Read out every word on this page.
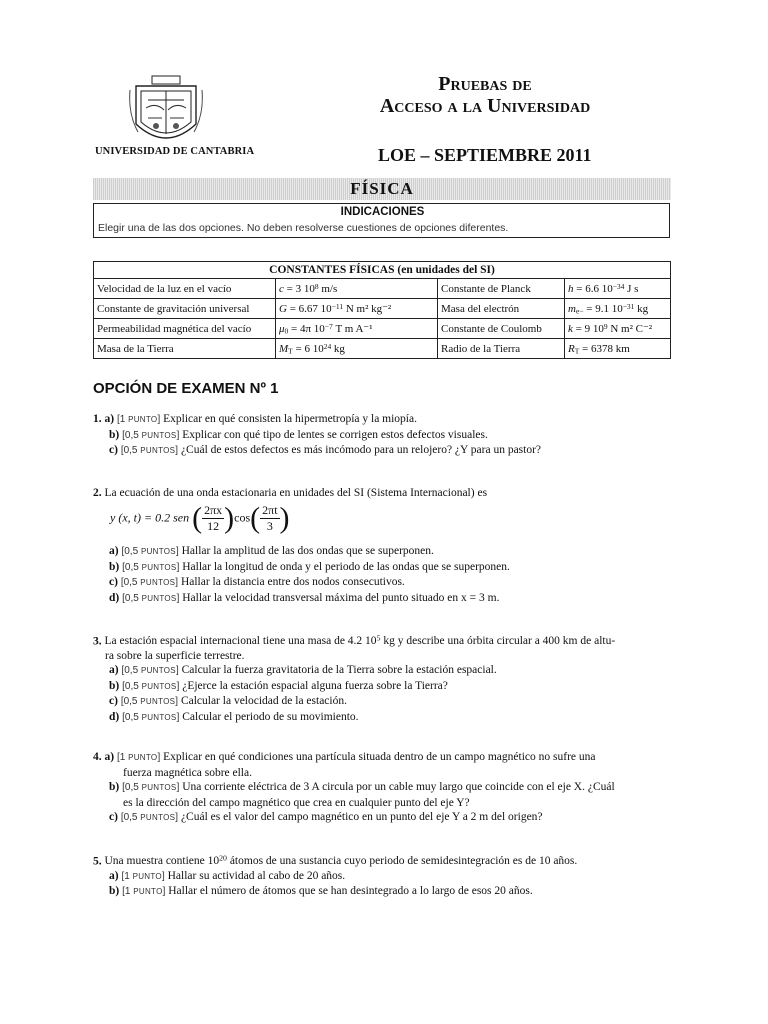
UNIVERSIDAD DE CANTABRIA
Pruebas de
Acceso a la Universidad
LOE – SEPTIEMBRE 2011
FÍSICA
INDICACIONES
Elegir una de las dos opciones. No deben resolverse cuestiones de opciones diferentes.
CONSTANTES FÍSICAS (en unidades del SI)			
Velocidad de la luz en el vacío	c = 3 $10^8$ m/s	Constante de Planck	h = 6.6 $10^{-34}$ J s
Constante de gravitación universal	G = 6.67 $10^{-11}$ N m² kg⁻²	Masa del electrón	$m_{e-} = 9.1$ $10^{-31}$ kg
Permeabilidad magnética del vacío	$\mu_0 = 4\pi$ $10^{-7}$ T m A⁻¹	Constante de Coulomb	k = 9 $10^9$ N m² C⁻²
Masa de la Tierra	$M_T = 6$ $10^{24}$ kg	Radio de la Tierra	$R_T = 6378$ km
OPCIÓN DE EXAMEN Nº 1
1. a) [1 PUNTO] Explicar en qué consisten la hipermetropía y la miopía.
b) [0,5 PUNTOS] Explicar con qué tipo de lentes se corrigen estos defectos visuales.
c) [0,5 PUNTOS] ¿Cuál de estos defectos es más incómodo para un relojero? ¿Y para un pastor?
2. La ecuación de una onda estacionaria en unidades del SI (Sistema Internacional) es
y (x, t) = 0.2 sen ( $\frac{2\pi x}{12} )\cos( \frac{2\pi t}{3}$ )
a) [0,5 PUNTOS] Hallar la amplitud de las dos ondas que se superponen.
b) [0,5 PUNTOS] Hallar la longitud de onda y el periodo de las ondas que se superponen.
c) [0,5 PUNTOS] Hallar la distancia entre dos nodos consecutivos.
d) [0,5 PUNTOS] Hallar la velocidad transversal máxima del punto situado en x = 3 m.
3. La estación espacial internacional tiene una masa de 4.2 $10^5$ kg y describe una órbita circular a 400 km de altu-
ra sobre la superficie terrestre.
a) [0,5 PUNTOS] Calcular la fuerza gravitatoria de la Tierra sobre la estación espacial.
b) [0,5 PUNTOS] ¿Ejerce la estación espacial alguna fuerza sobre la Tierra?
c) [0,5 PUNTOS] Calcular la velocidad de la estación.
d) [0,5 PUNTOS] Calcular el periodo de su movimiento.
4. a) [1 PUNTO] Explicar en qué condiciones una partícula situada dentro de un campo magnético no sufre una
fuerza magnética sobre ella.
b) [0,5 PUNTOS] Una corriente eléctrica de 3 A circula por un cable muy largo que coincide con el eje X. ¿Cuál
es la dirección del campo magnético que crea en cualquier punto del eje Y?
c) [0,5 PUNTOS] ¿Cuál es el valor del campo magnético en un punto del eje Y a 2 m del origen?
5. Una muestra contiene $10^{20}$ átomos de una sustancia cuyo periodo de semidesintegración es de 10 años.
a) [1 PUNTO] Hallar su actividad al cabo de 20 años.
b) [1 PUNTO] Hallar el número de átomos que se han desintegrado a lo largo de esos 20 años.
